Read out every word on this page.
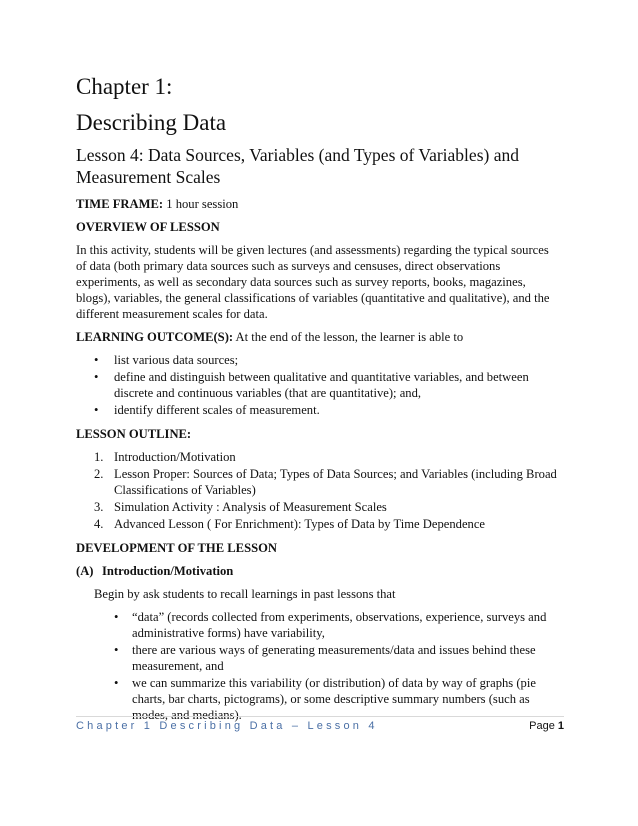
Chapter 1:
Describing Data
Lesson 4: Data Sources, Variables (and Types of Variables) and Measurement Scales

TIME FRAME: 1 hour session

OVERVIEW OF LESSON

In this activity, students will be given lectures (and assessments) regarding the typical sources of data (both primary data sources such as surveys and censuses, direct observations experiments, as well as secondary data sources such as survey reports, books, magazines, blogs), variables, the general classifications of variables (quantitative and qualitative), and the different measurement scales for data.

LEARNING OUTCOME(S): At the end of the lesson, the learner is able to

• list various data sources;
• define and distinguish between qualitative and quantitative variables, and between discrete and continuous variables (that are quantitative); and,
• identify different scales of measurement.

LESSON OUTLINE:

1. Introduction/Motivation
2. Lesson Proper: Sources of Data; Types of Data Sources; and Variables (including Broad Classifications of Variables)
3. Simulation Activity : Analysis of Measurement Scales
4. Advanced Lesson ( For Enrichment): Types of Data by Time Dependence

DEVELOPMENT OF THE LESSON

(A) Introduction/Motivation

Begin by ask students to recall learnings in past lessons that

• “data” (records collected from experiments, observations, experience, surveys and administrative forms) have variability,
• there are various ways of generating measurements/data and issues behind these measurement, and
• we can summarize this variability (or distribution) of data by way of graphs (pie charts, bar charts, pictograms), or some descriptive summary numbers (such as modes, and medians).
Chapter 1 Describing Data – Lesson 4	Page 1
